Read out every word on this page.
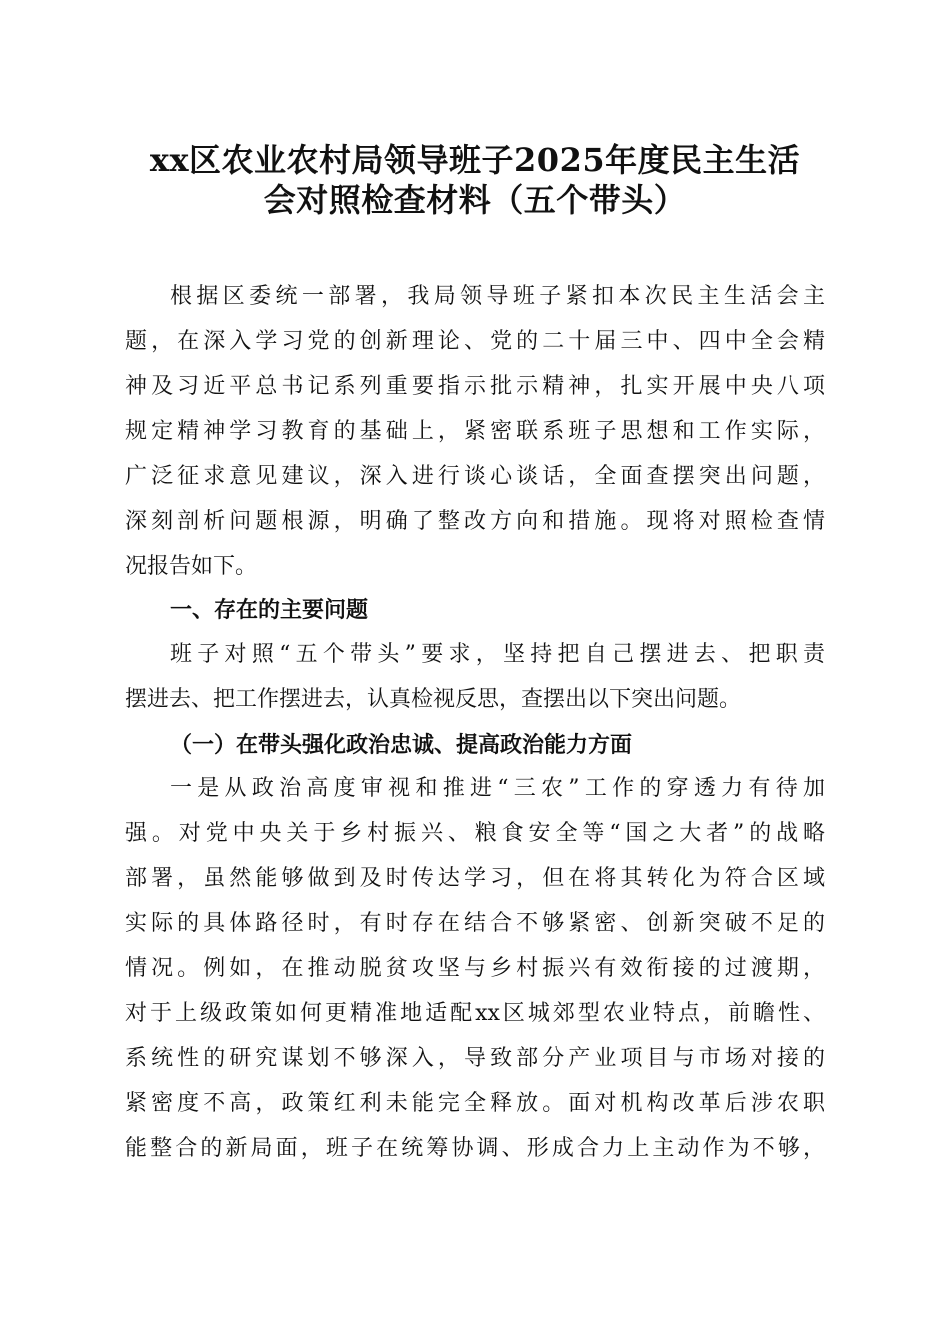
xx区农业农村局领导班子2025年度民主生活
会对照检查材料（五个带头）
根据区委统一部署，我局领导班子紧扣本次民主生活会主
题，在深入学习党的创新理论、党的二十届三中、四中全会精
神及习近平总书记系列重要指示批示精神，扎实开展中央八项
规定精神学习教育的基础上，紧密联系班子思想和工作实际，
广泛征求意见建议，深入进行谈心谈话，全面查摆突出问题，
深刻剖析问题根源，明确了整改方向和措施。现将对照检查情
况报告如下。
一、存在的主要问题
班子对照“五个带头”要求，坚持把自己摆进去、把职责
摆进去、把工作摆进去，认真检视反思，查摆出以下突出问题。
（一）在带头强化政治忠诚、提高政治能力方面
一是从政治高度审视和推进“三农”工作的穿透力有待加
强。对党中央关于乡村振兴、粮食安全等“国之大者”的战略
部署，虽然能够做到及时传达学习，但在将其转化为符合区域
实际的具体路径时，有时存在结合不够紧密、创新突破不足的
情况。例如，在推动脱贫攻坚与乡村振兴有效衔接的过渡期，
对于上级政策如何更精准地适配xx区城郊型农业特点，前瞻性、
系统性的研究谋划不够深入，导致部分产业项目与市场对接的
紧密度不高，政策红利未能完全释放。面对机构改革后涉农职
能整合的新局面，班子在统筹协调、形成合力上主动作为不够，
